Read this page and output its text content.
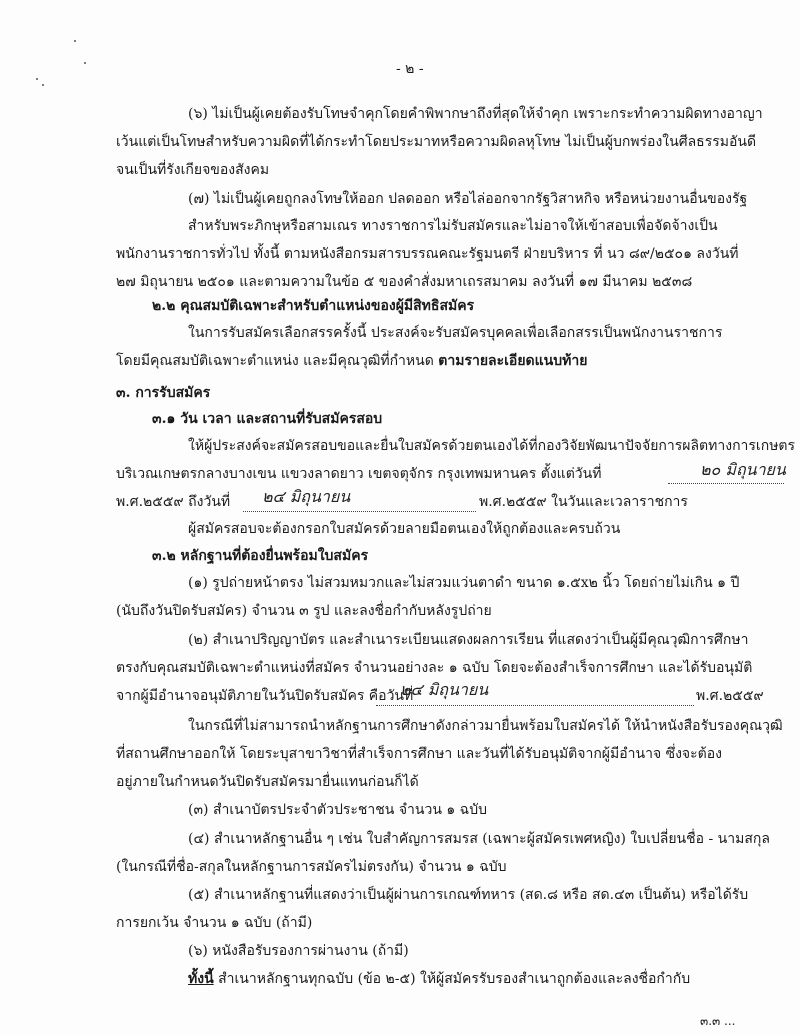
- ๒ -
(๖) ไม่เป็นผู้เคยต้องรับโทษจำคุกโดยคำพิพากษาถึงที่สุดให้จำคุก เพราะกระทำความผิดทางอาญา
เว้นแต่เป็นโทษสำหรับความผิดที่ได้กระทำโดยประมาทหรือความผิดลหุโทษ ไม่เป็นผู้บกพร่องในศีลธรรมอันดี
จนเป็นที่รังเกียจของสังคม
(๗) ไม่เป็นผู้เคยถูกลงโทษให้ออก ปลดออก หรือไล่ออกจากรัฐวิสาหกิจ หรือหน่วยงานอื่นของรัฐ
สำหรับพระภิกษุหรือสามเณร ทางราชการไม่รับสมัครและไม่อาจให้เข้าสอบเพื่อจัดจ้างเป็น
พนักงานราชการทั่วไป ทั้งนี้ ตามหนังสือกรมสารบรรณคณะรัฐมนตรี ฝ่ายบริหาร ที่ นว ๘๙/๒๕๐๑ ลงวันที่
๒๗ มิถุนายน ๒๕๐๑ และตามความในข้อ ๕ ของคำสั่งมหาเถรสมาคม ลงวันที่ ๑๗ มีนาคม ๒๕๓๘
๒.๒ คุณสมบัติเฉพาะสำหรับตำแหน่งของผู้มีสิทธิสมัคร
ในการรับสมัครเลือกสรรครั้งนี้ ประสงค์จะรับสมัครบุคคลเพื่อเลือกสรรเป็นพนักงานราชการ
โดยมีคุณสมบัติเฉพาะตำแหน่ง และมีคุณวุฒิที่กำหนด ตามรายละเอียดแนบท้าย
๓. การรับสมัคร
๓.๑ วัน เวลา และสถานที่รับสมัครสอบ
ให้ผู้ประสงค์จะสมัครสอบขอและยื่นใบสมัครด้วยตนเองได้ที่กองวิจัยพัฒนาปัจจัยการผลิตทางการเกษตร
บริเวณเกษตรกลางบางเขน แขวงลาดยาว เขตจตุจักร กรุงเทพมหานคร ตั้งแต่วันที่	๒๐ มิถุนายน
พ.ศ.๒๕๕๙ ถึงวันที่ ๒๔ มิถุนายน	พ.ศ.๒๕๕๙ ในวันและเวลาราชการ
ผู้สมัครสอบจะต้องกรอกใบสมัครด้วยลายมือตนเองให้ถูกต้องและครบถ้วน
๓.๒ หลักฐานที่ต้องยื่นพร้อมใบสมัคร
(๑) รูปถ่ายหน้าตรง ไม่สวมหมวกและไม่สวมแว่นตาดำ ขนาด ๑.๕x๒ นิ้ว โดยถ่ายไม่เกิน ๑ ปี
(นับถึงวันปิดรับสมัคร) จำนวน ๓ รูป และลงชื่อกำกับหลังรูปถ่าย
(๒) สำเนาปริญญาบัตร และสำเนาระเบียนแสดงผลการเรียน ที่แสดงว่าเป็นผู้มีคุณวุฒิการศึกษา
ตรงกับคุณสมบัติเฉพาะตำแหน่งที่สมัคร จำนวนอย่างละ ๑ ฉบับ โดยจะต้องสำเร็จการศึกษา และได้รับอนุมัติ
จากผู้มีอำนาจอนุมัติภายในวันปิดรับสมัคร คือวันที่
๒๔ มิถุนายน	พ.ศ.๒๕๕๙
ในกรณีที่ไม่สามารถนำหลักฐานการศึกษาดังกล่าวมายื่นพร้อมใบสมัครได้ ให้นำหนังสือรับรองคุณวุฒิ
ที่สถานศึกษาออกให้ โดยระบุสาขาวิชาที่สำเร็จการศึกษา และวันที่ได้รับอนุมัติจากผู้มีอำนาจ ซึ่งจะต้อง
อยู่ภายในกำหนดวันปิดรับสมัครมายื่นแทนก่อนก็ได้
(๓) สำเนาบัตรประจำตัวประชาชน จำนวน ๑ ฉบับ
(๔) สำเนาหลักฐานอื่น ๆ เช่น ใบสำคัญการสมรส (เฉพาะผู้สมัครเพศหญิง) ใบเปลี่ยนชื่อ - นามสกุล
(ในกรณีที่ชื่อ-สกุลในหลักฐานการสมัครไม่ตรงกัน) จำนวน ๑ ฉบับ
(๕) สำเนาหลักฐานที่แสดงว่าเป็นผู้ผ่านการเกณฑ์ทหาร (สด.๘ หรือ สด.๔๓ เป็นต้น) หรือได้รับ
การยกเว้น จำนวน ๑ ฉบับ (ถ้ามี)
(๖) หนังสือรับรองการผ่านงาน (ถ้ามี)
ทั้งนี้ สำเนาหลักฐานทุกฉบับ (ข้อ ๒-๕) ให้ผู้สมัครรับรองสำเนาถูกต้องและลงชื่อกำกับ
๓.๓ ...
